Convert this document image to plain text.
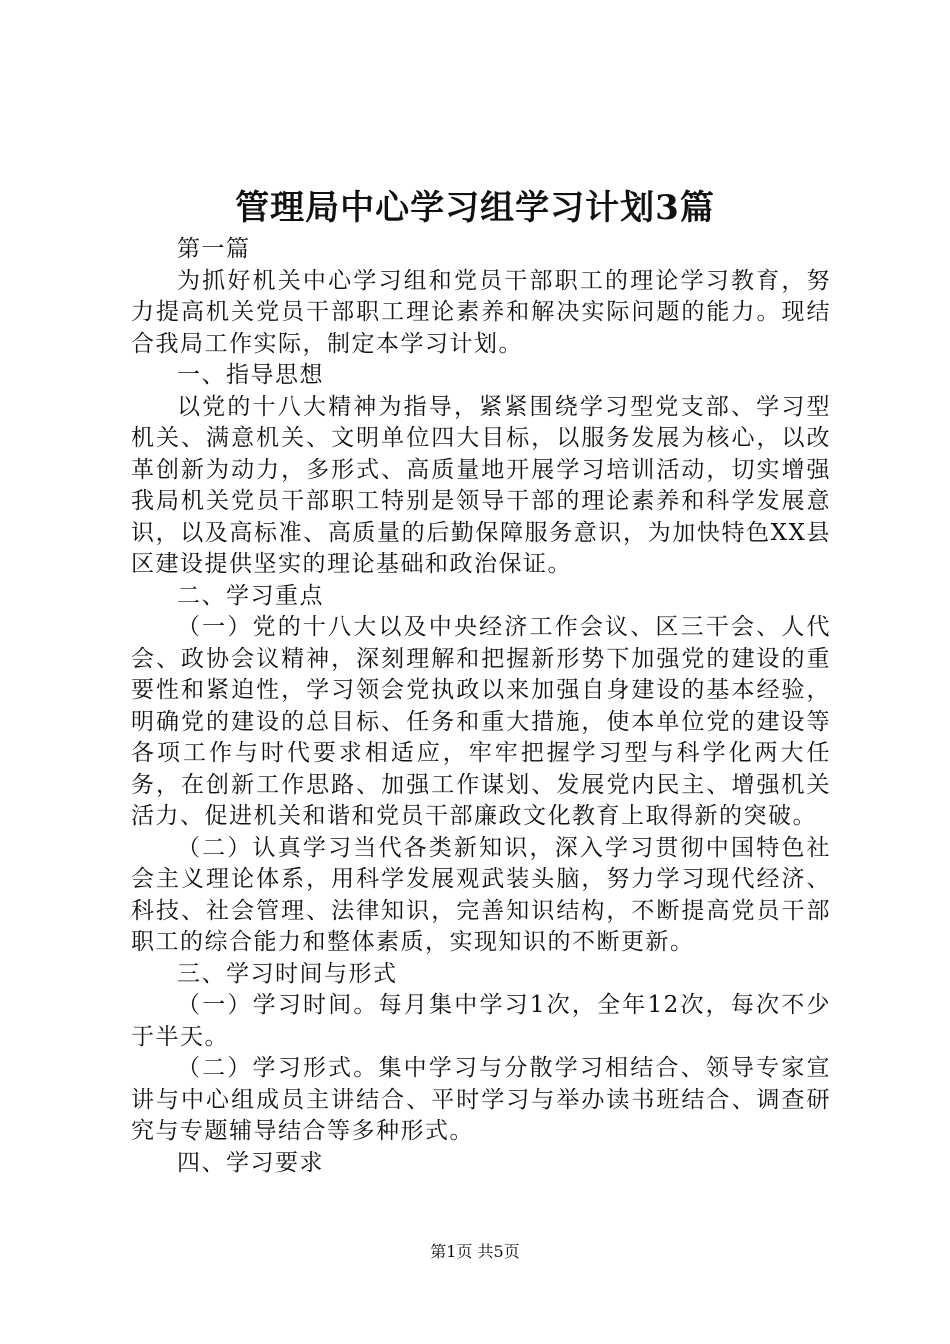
管理局中心学习组学习计划3篇

第一篇

为抓好机关中心学习组和党员干部职工的理论学习教育，努力提高机关党员干部职工理论素养和解决实际问题的能力。现结合我局工作实际，制定本学习计划。

一、指导思想

以党的十八大精神为指导，紧紧围绕学习型党支部、学习型机关、满意机关、文明单位四大目标，以服务发展为核心，以改革创新为动力，多形式、高质量地开展学习培训活动，切实增强我局机关党员干部职工特别是领导干部的理论素养和科学发展意识，以及高标准、高质量的后勤保障服务意识，为加快特色XX县区建设提供坚实的理论基础和政治保证。

二、学习重点

（一）党的十八大以及中央经济工作会议、区三干会、人代会、政协会议精神，深刻理解和把握新形势下加强党的建设的重要性和紧迫性，学习领会党执政以来加强自身建设的基本经验，明确党的建设的总目标、任务和重大措施，使本单位党的建设等各项工作与时代要求相适应，牢牢把握学习型与科学化两大任务，在创新工作思路、加强工作谋划、发展党内民主、增强机关活力、促进机关和谐和党员干部廉政文化教育上取得新的突破。

（二）认真学习当代各类新知识，深入学习贯彻中国特色社会主义理论体系，用科学发展观武装头脑，努力学习现代经济、科技、社会管理、法律知识，完善知识结构，不断提高党员干部职工的综合能力和整体素质，实现知识的不断更新。

三、学习时间与形式

（一）学习时间。每月集中学习1次，全年12次，每次不少于半天。

（二）学习形式。集中学习与分散学习相结合、领导专家宣讲与中心组成员主讲结合、平时学习与举办读书班结合、调查研究与专题辅导结合等多种形式。

四、学习要求

第1页 共5页
